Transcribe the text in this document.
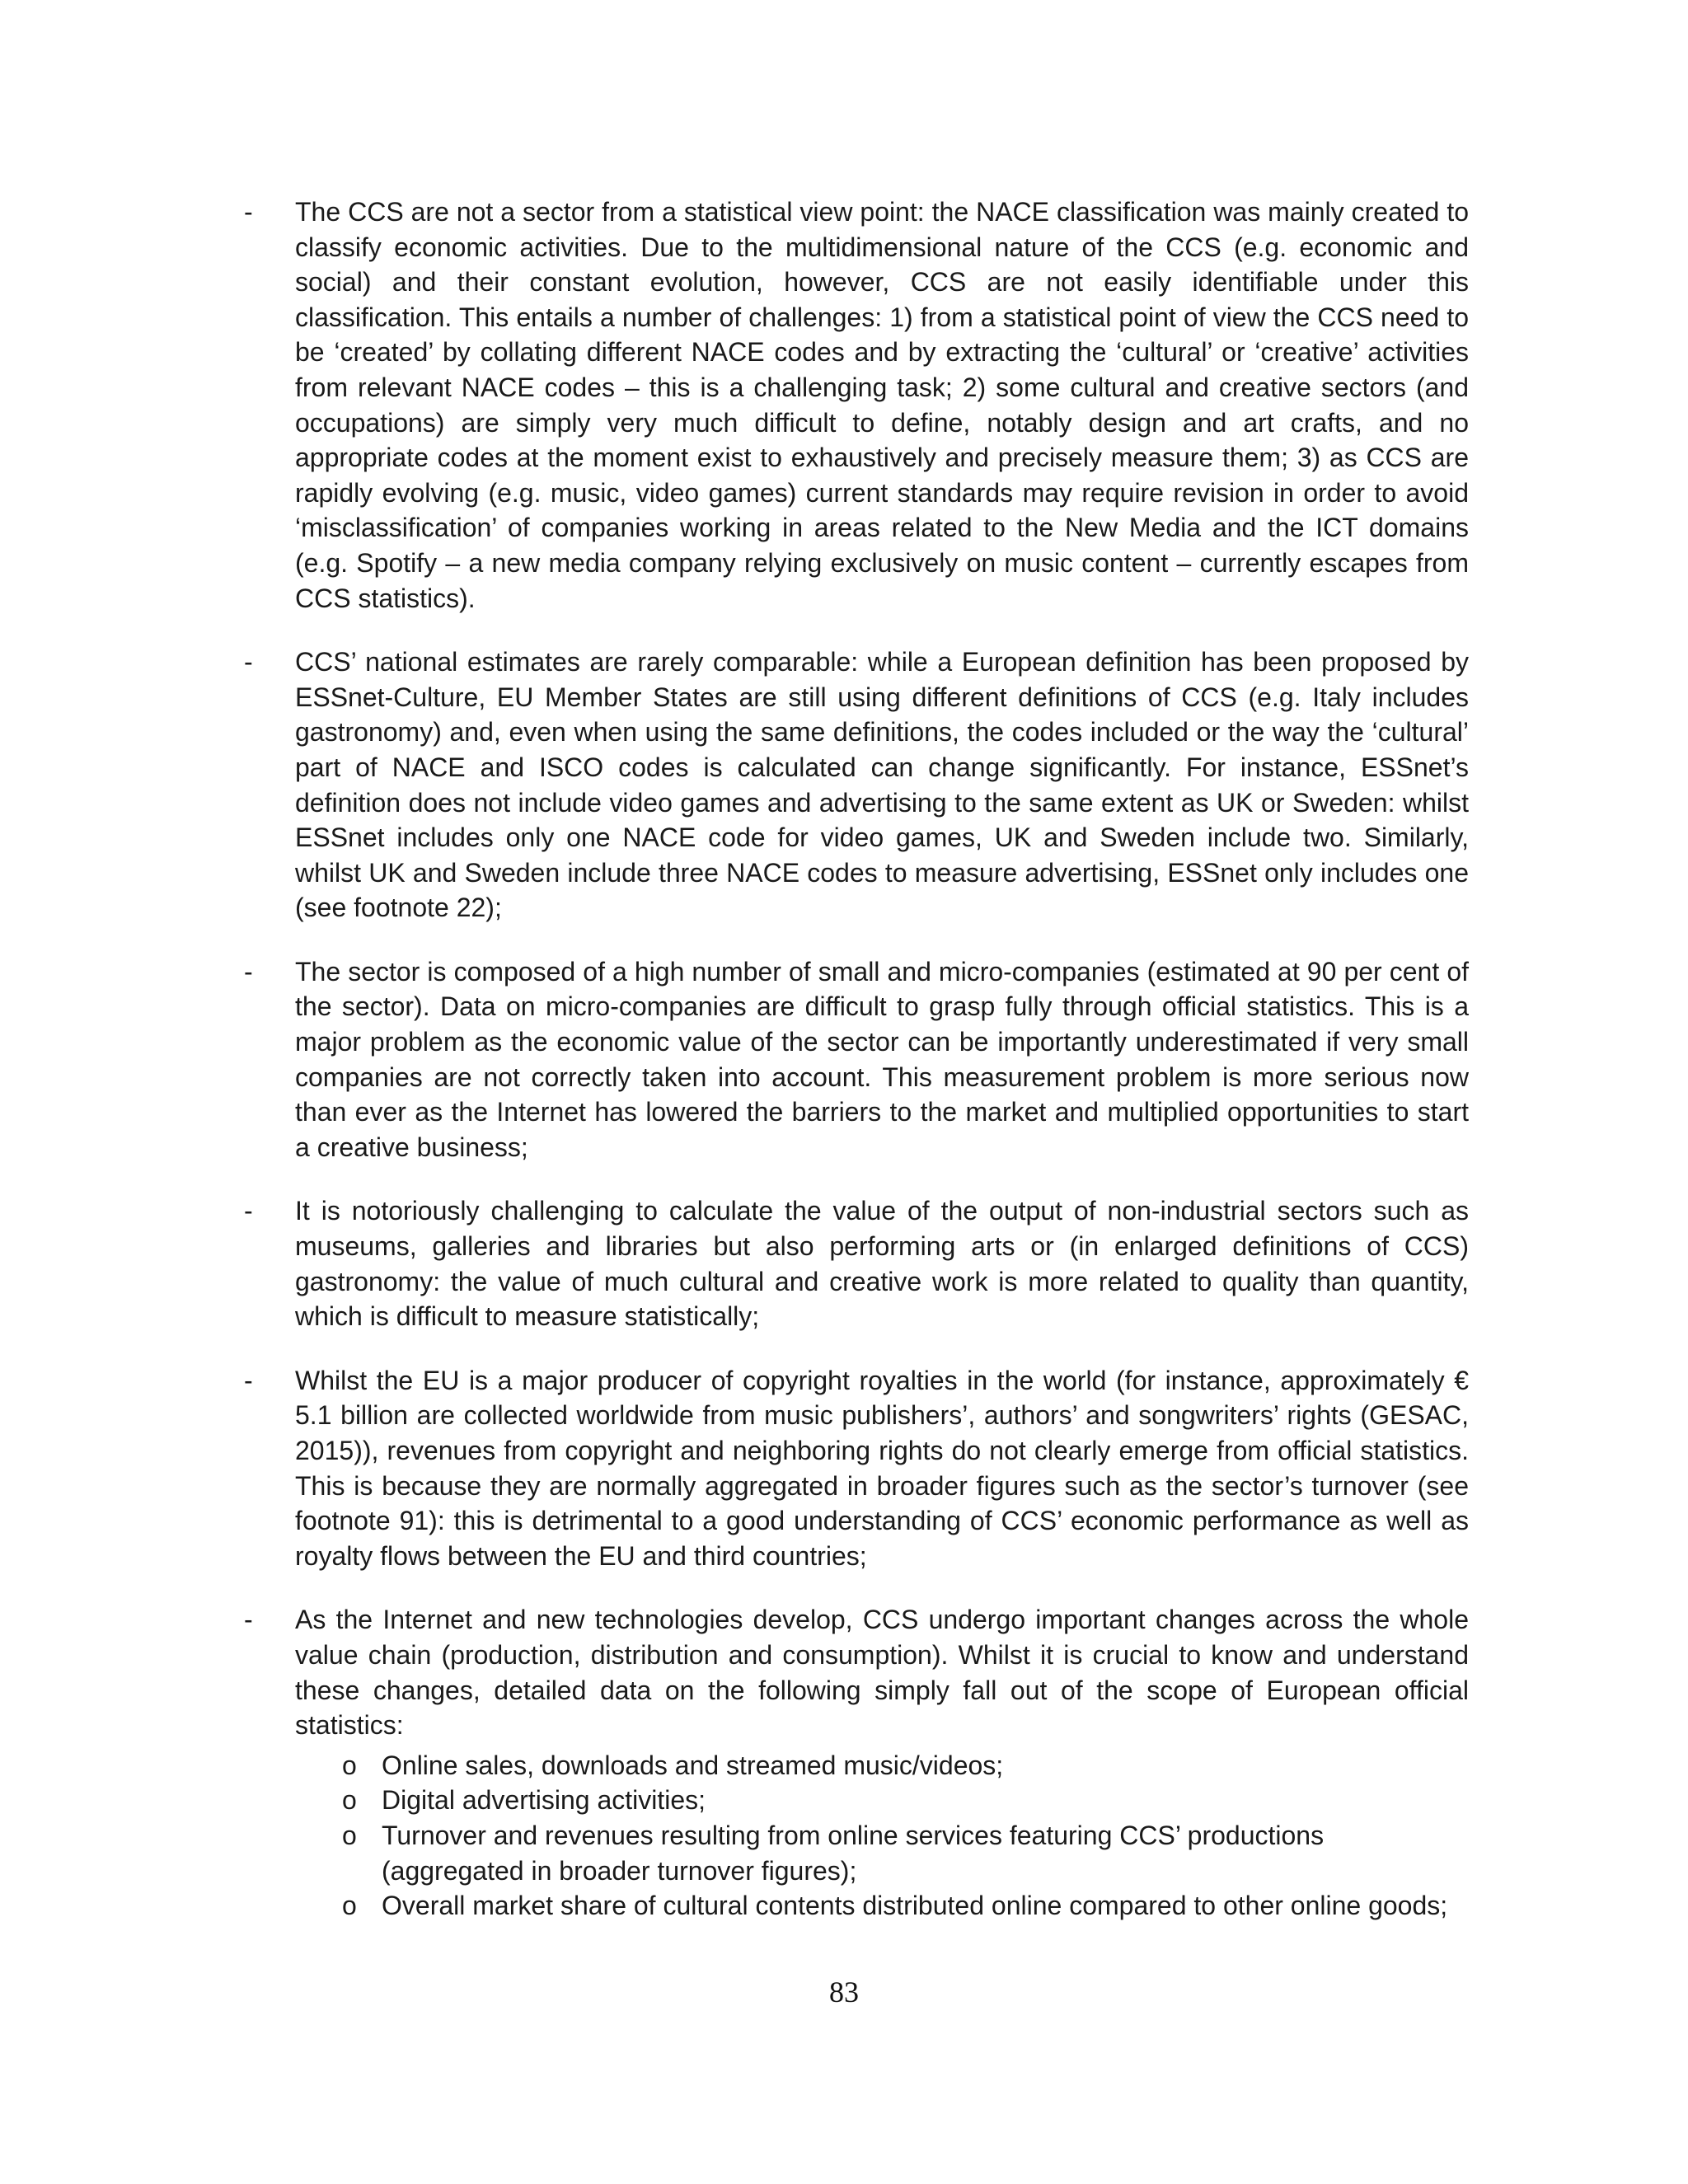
- The CCS are not a sector from a statistical view point: the NACE classification was mainly created to classify economic activities. Due to the multidimensional nature of the CCS (e.g. economic and social) and their constant evolution, however, CCS are not easily identifiable under this classification. This entails a number of challenges: 1) from a statistical point of view the CCS need to be ‘created’ by collating different NACE codes and by extracting the ‘cultural’ or ‘creative’ activities from relevant NACE codes – this is a challenging task; 2) some cultural and creative sectors (and occupations) are simply very much difficult to define, notably design and art crafts, and no appropriate codes at the moment exist to exhaustively and precisely measure them; 3) as CCS are rapidly evolving (e.g. music, video games) current standards may require revision in order to avoid ‘misclassification’ of companies working in areas related to the New Media and the ICT domains (e.g. Spotify – a new media company relying exclusively on music content – currently escapes from CCS statistics).
- CCS’ national estimates are rarely comparable: while a European definition has been proposed by ESSnet-Culture, EU Member States are still using different definitions of CCS (e.g. Italy includes gastronomy) and, even when using the same definitions, the codes included or the way the ‘cultural’ part of NACE and ISCO codes is calculated can change significantly. For instance, ESSnet’s definition does not include video games and advertising to the same extent as UK or Sweden: whilst ESSnet includes only one NACE code for video games, UK and Sweden include two. Similarly, whilst UK and Sweden include three NACE codes to measure advertising, ESSnet only includes one (see footnote 22);
- The sector is composed of a high number of small and micro-companies (estimated at 90 per cent of the sector). Data on micro-companies are difficult to grasp fully through official statistics. This is a major problem as the economic value of the sector can be importantly underestimated if very small companies are not correctly taken into account. This measurement problem is more serious now than ever as the Internet has lowered the barriers to the market and multiplied opportunities to start a creative business;
- It is notoriously challenging to calculate the value of the output of non-industrial sectors such as museums, galleries and libraries but also performing arts or (in enlarged definitions of CCS) gastronomy: the value of much cultural and creative work is more related to quality than quantity, which is difficult to measure statistically;
- Whilst the EU is a major producer of copyright royalties in the world (for instance, approximately € 5.1 billion are collected worldwide from music publishers’, authors’ and songwriters’ rights (GESAC, 2015)), revenues from copyright and neighboring rights do not clearly emerge from official statistics. This is because they are normally aggregated in broader figures such as the sector’s turnover (see footnote 91): this is detrimental to a good understanding of CCS’ economic performance as well as royalty flows between the EU and third countries;
- As the Internet and new technologies develop, CCS undergo important changes across the whole value chain (production, distribution and consumption). Whilst it is crucial to know and understand these changes, detailed data on the following simply fall out of the scope of European official statistics:
o Online sales, downloads and streamed music/videos;
o Digital advertising activities;
o Turnover and revenues resulting from online services featuring CCS’ productions (aggregated in broader turnover figures);
o Overall market share of cultural contents distributed online compared to other online goods;
83
